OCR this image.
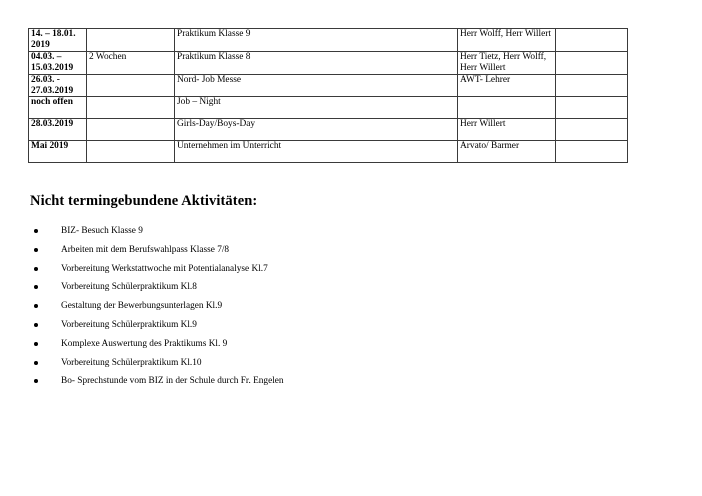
14. – 18.01. 2019		Praktikum Klasse 9	Herr Wolff, Herr Willert	
04.03. – 15.03.2019	2 Wochen	Praktikum Klasse 8	Herr Tietz, Herr Wolff, Herr Willert	
26.03. - 27.03.2019		Nord- Job Messe	AWT- Lehrer	
noch offen		Job – Night		
28.03.2019		Girls-Day/Boys-Day	Herr Willert	
Mai 2019		Unternehmen im Unterricht	Arvato/ Barmer	
Nicht termingebundene Aktivitäten:
BIZ- Besuch Klasse 9
Arbeiten mit dem Berufswahlpass Klasse 7/8
Vorbereitung Werkstattwoche mit Potentialanalyse Kl.7
Vorbereitung Schülerpraktikum Kl.8
Gestaltung der Bewerbungsunterlagen Kl.9
Vorbereitung Schülerpraktikum Kl.9
Komplexe Auswertung des Praktikums Kl. 9
Vorbereitung Schülerpraktikum Kl.10
Bo- Sprechstunde vom BIZ in der Schule durch Fr. Engelen
